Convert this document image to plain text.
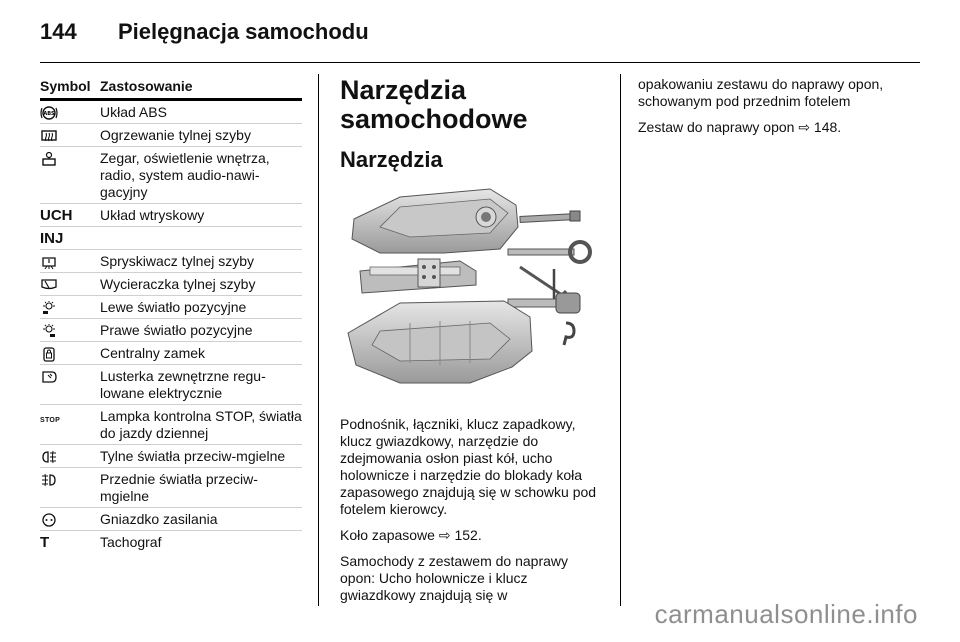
144	Pielęgnacja samochodu
Symbol Zastosowanie
ABS	Układ ABS
Ogrzewanie tylnej szyby
Zegar, oświetlenie wnętrza, radio, system audio-nawi-gacyjny
UCH Układ wtryskowy
INJ
Spryskiwacz tylnej szyby
Wycieraczka tylnej szyby
Lewe światło pozycyjne
Prawe światło pozycyjne
Centralny zamek
Lusterka zewnętrzne regu-lowane elektrycznie
STOP	Lampka kontrolna STOP, światła do jazdy dziennej
Tylne światła przeciw-mgielne
Przednie światła przeciw-mgielne
Gniazdko zasilania
T	Tachograf
Narzędzia samochodowe
Narzędzia

Podnośnik, łączniki, klucz zapadkowy, klucz gwiazdkowy, narzędzie do zdejmowania osłon piast kół, ucho holownicze i narzędzie do blokady koła zapasowego znajdują się w schowku pod fotelem kierowcy.

Koło zapasowe ⇨ 152.

Samochody z zestawem do naprawy opon: Ucho holownicze i klucz gwiazdkowy znajdują się w

opakowaniu zestawu do naprawy opon, schowanym pod przednim fotelem

Zestaw do naprawy opon ⇨ 148.

carmanualsonline.info
